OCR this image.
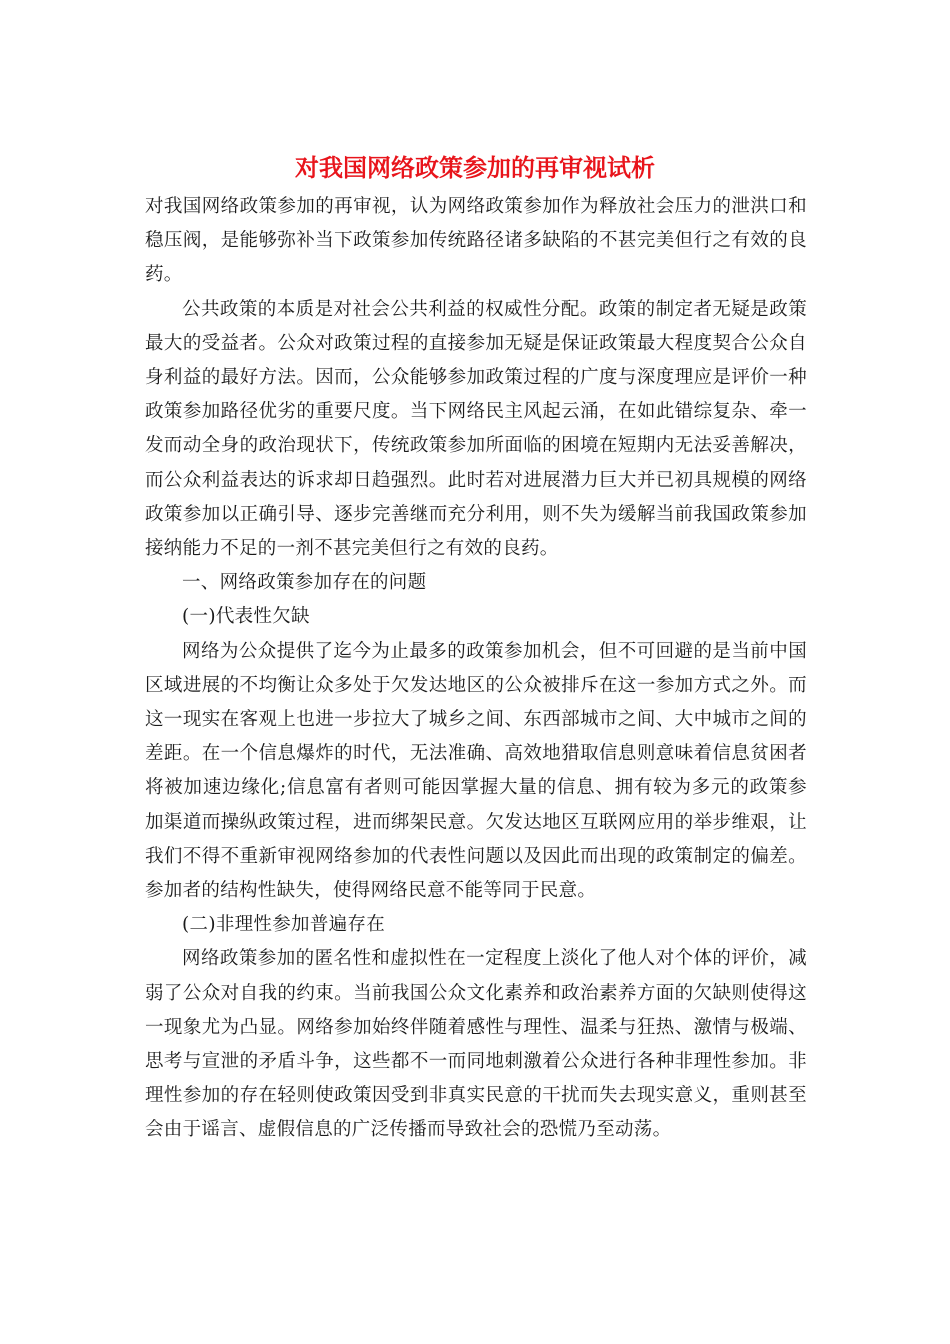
对我国网络政策参加的再审视试析

对我国网络政策参加的再审视，认为网络政策参加作为释放社会压力的泄洪口和稳压阀，是能够弥补当下政策参加传统路径诸多缺陷的不甚完美但行之有效的良药。

公共政策的本质是对社会公共利益的权威性分配。政策的制定者无疑是政策最大的受益者。公众对政策过程的直接参加无疑是保证政策最大程度契合公众自身利益的最好方法。因而，公众能够参加政策过程的广度与深度理应是评价一种政策参加路径优劣的重要尺度。当下网络民主风起云涌，在如此错综复杂、牵一发而动全身的政治现状下，传统政策参加所面临的困境在短期内无法妥善解决，而公众利益表达的诉求却日趋强烈。此时若对进展潜力巨大并已初具规模的网络政策参加以正确引导、逐步完善继而充分利用，则不失为缓解当前我国政策参加接纳能力不足的一剂不甚完美但行之有效的良药。

一、网络政策参加存在的问题

(一)代表性欠缺

网络为公众提供了迄今为止最多的政策参加机会，但不可回避的是当前中国区域进展的不均衡让众多处于欠发达地区的公众被排斥在这一参加方式之外。而这一现实在客观上也进一步拉大了城乡之间、东西部城市之间、大中城市之间的差距。在一个信息爆炸的时代，无法准确、高效地猎取信息则意味着信息贫困者将被加速边缘化;信息富有者则可能因掌握大量的信息、拥有较为多元的政策参加渠道而操纵政策过程，进而绑架民意。欠发达地区互联网应用的举步维艰，让我们不得不重新审视网络参加的代表性问题以及因此而出现的政策制定的偏差。参加者的结构性缺失，使得网络民意不能等同于民意。

(二)非理性参加普遍存在

网络政策参加的匿名性和虚拟性在一定程度上淡化了他人对个体的评价，减弱了公众对自我的约束。当前我国公众文化素养和政治素养方面的欠缺则使得这一现象尤为凸显。网络参加始终伴随着感性与理性、温柔与狂热、激情与极端、思考与宣泄的矛盾斗争，这些都不一而同地刺激着公众进行各种非理性参加。非理性参加的存在轻则使政策因受到非真实民意的干扰而失去现实意义，重则甚至会由于谣言、虚假信息的广泛传播而导致社会的恐慌乃至动荡。
